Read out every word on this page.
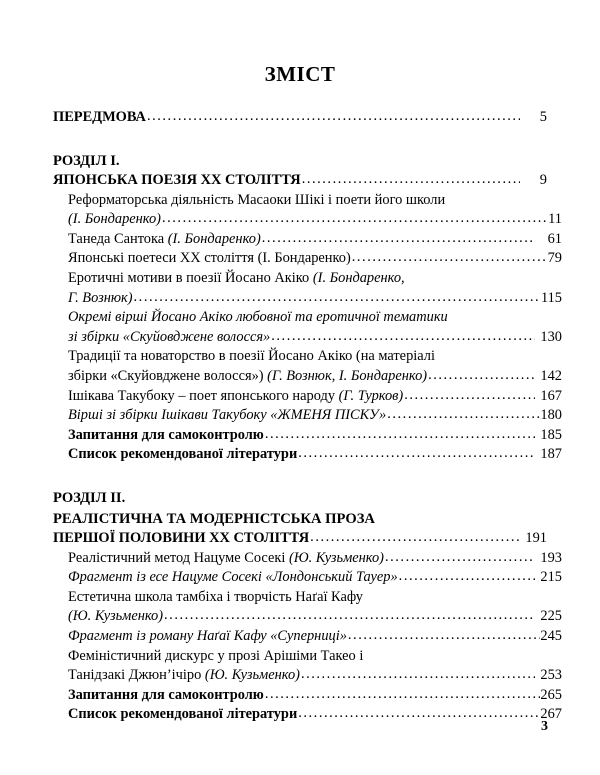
ЗМІСТ
ПЕРЕДМОВА .....	5
РОЗДІЛ І.
ЯПОНСЬКА ПОЕЗІЯ ХХ СТОЛІТТЯ .....	9
Реформаторська діяльність Масаоки Шікі і поети його школи
(І. Бондаренко) .....	11
Танеда Сантока (І. Бондаренко) .....	61
Японські поетеси ХХ століття (І. Бондаренко) .....	79
Еротичні мотиви в поезії Йосано Акіко (І. Бондаренко,
Г. Вознюк) .....	115
Окремі вірші Йосано Акіко любовної та еротичної тематики
зі збірки «Скуйовджене волосся» .....	130
Традиції та новаторство в поезії Йосано Акіко (на матеріалі
збірки «Скуйовджене волосся») (Г. Вознюк, І. Бондаренко) .....	142
Ішікава Такубоку – поет японського народу (Г. Турков) .....	167
Вірші зі збірки Ішікави Такубоку «ЖМЕНЯ ПІСКУ» .....	180
Запитання для самоконтролю .....	185
Список рекомендованої літератури .....	187
РОЗДІЛ ІІ.
РЕАЛІСТИЧНА ТА МОДЕРНІСТСЬКА ПРОЗА
ПЕРШОЇ ПОЛОВИНИ ХХ СТОЛІТТЯ .....	191
Реалістичний метод Нацуме Сосекі (Ю. Кузьменко) .....	193
Фрагмент із есе Нацуме Сосекі «Лондонський Тауер» .....	215
Естетична школа тамбіха і творчість Наґаї Кафу
(Ю. Кузьменко) .....	225
Фрагмент із роману Наґаї Кафу «Суперниці» .....	245
Феміністичний дискурс у прозі Арішіми Такео і
Танідзакі Джюн’ічіро (Ю. Кузьменко) .....	253
Запитання для самоконтролю .....	265
Список рекомендованої літератури .....	267
3
